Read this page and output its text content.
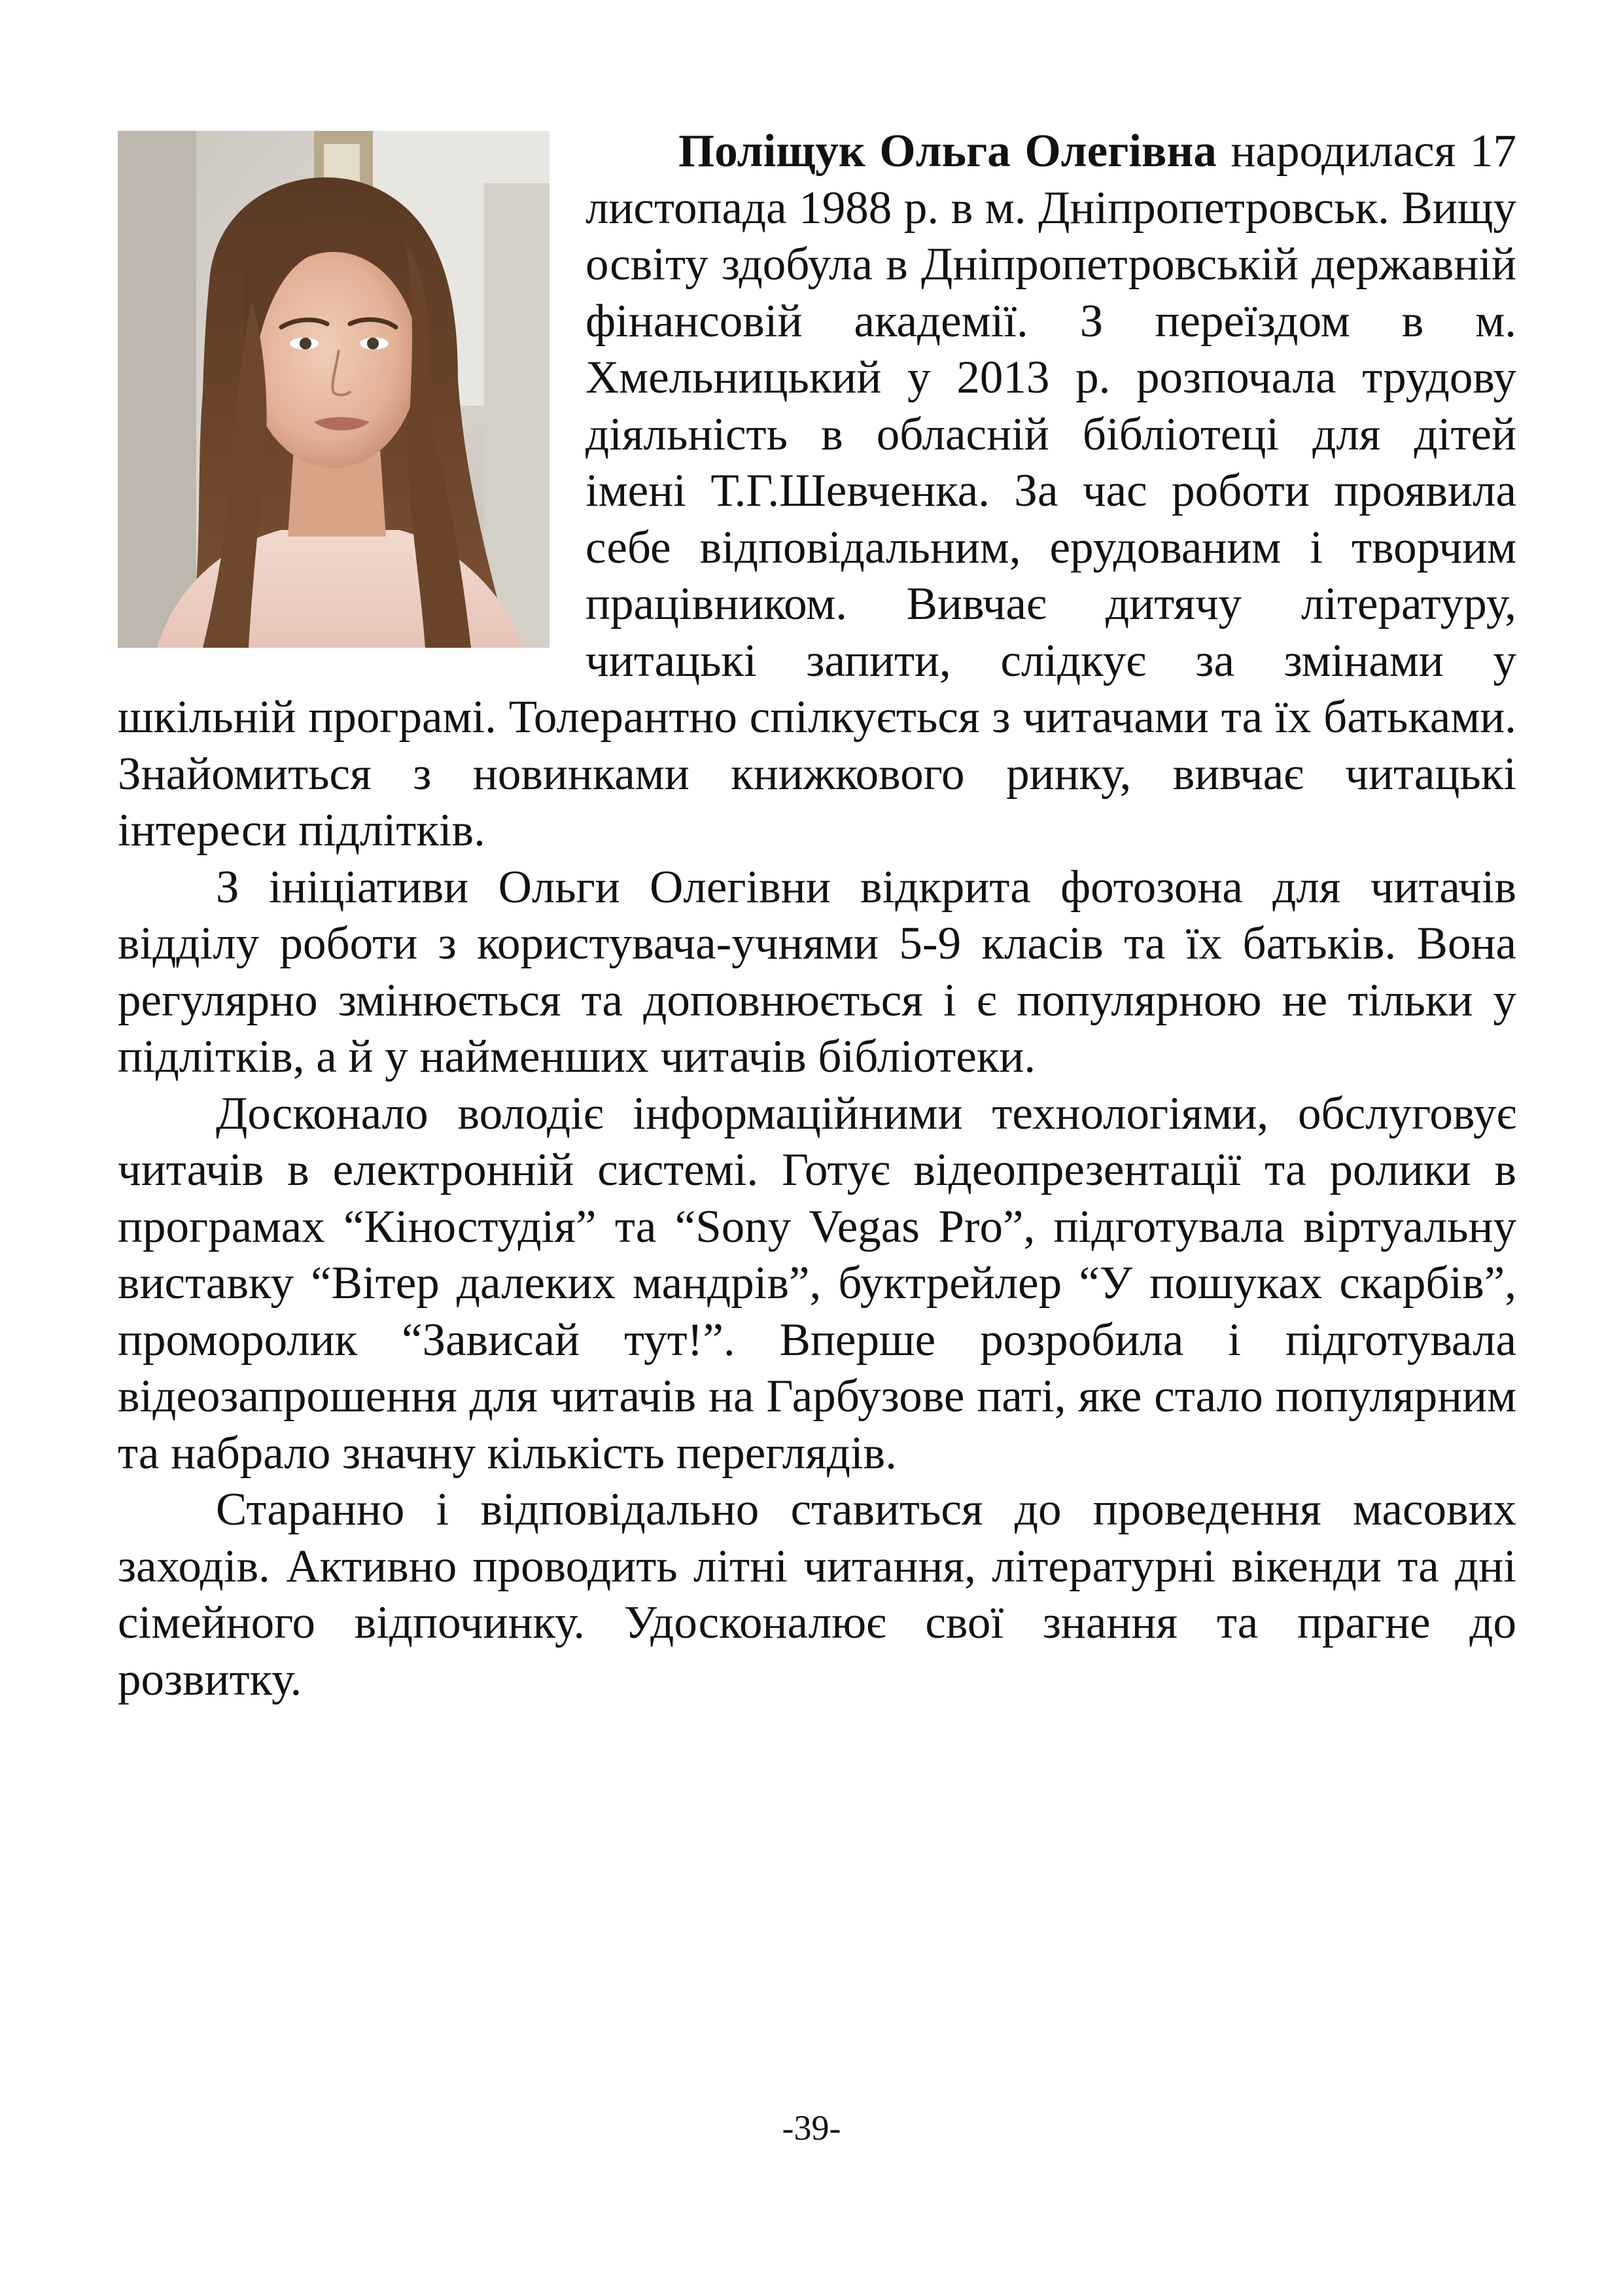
Поліщук Ольга Олегівна народилася 17 листопада 1988 р. в м. Дніпропетровськ. Вищу освіту здобула в Дніпропетровській державній фінансовій академії. З переїздом в м. Хмельницький у 2013 р. розпочала трудову діяльність в обласній бібліотеці для дітей імені Т.Г.Шевченка. За час роботи проявила себе відповідальним, ерудованим і творчим працівником. Вивчає дитячу літературу, читацькі запити, слідкує за змінами у шкільній програмі. Толерантно спілкується з читачами та їх батьками. Знайомиться з новинками книжкового ринку, вивчає читацькі інтереси підлітків.

З ініціативи Ольги Олегівни відкрита фотозона для читачів відділу роботи з користувача-учнями 5-9 класів та їх батьків. Вона регулярно змінюється та доповнюється і є популярною не тільки у підлітків, а й у найменших читачів бібліотеки.

Досконало володіє інформаційними технологіями, обслуговує читачів в електронній системі. Готує відеопрезентації та ролики в програмах “Кіностудія” та “Sony Vegas Pro”, підготувала віртуальну виставку “Вітер далеких мандрів”, буктрейлер “У пошуках скарбів”, проморолик “Зависай тут!”. Вперше розробила і підготувала відеозапрошення для читачів на Гарбузове паті, яке стало популярним та набрало значну кількість переглядів.

Старанно і відповідально ставиться до проведення масових заходів. Активно проводить літні читання, літературні вікенди та дні сімейного відпочинку. Удосконалює свої знання та прагне до розвитку.

-39-
